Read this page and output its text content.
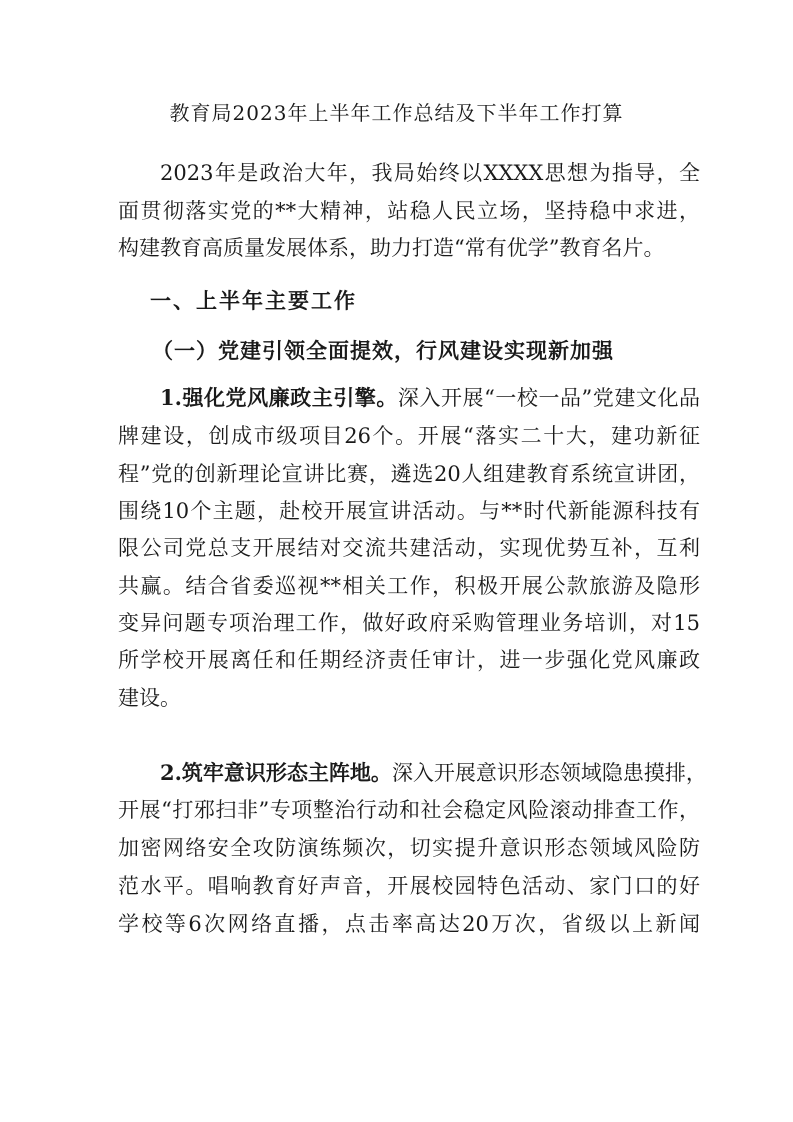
教育局2023年上半年工作总结及下半年工作打算
2023年是政治大年，我局始终以XXXX思想为指导，全
面贯彻落实党的**大精神，站稳人民立场，坚持稳中求进，
构建教育高质量发展体系，助力打造“常有优学”教育名片。
一、上半年主要工作
（一）党建引领全面提效，行风建设实现新加强
1.强化党风廉政主引擎。深入开展“一校一品”党建文化品
牌建设，创成市级项目26个。开展“落实二十大，建功新征
程”党的创新理论宣讲比赛，遴选20人组建教育系统宣讲团，
围绕10个主题，赴校开展宣讲活动。与**时代新能源科技有
限公司党总支开展结对交流共建活动，实现优势互补，互利
共赢。结合省委巡视**相关工作，积极开展公款旅游及隐形
变异问题专项治理工作，做好政府采购管理业务培训，对15
所学校开展离任和任期经济责任审计，进一步强化党风廉政
建设。
2.筑牢意识形态主阵地。深入开展意识形态领域隐患摸排，
开展“打邪扫非”专项整治行动和社会稳定风险滚动排查工作，
加密网络安全攻防演练频次，切实提升意识形态领域风险防
范水平。唱响教育好声音，开展校园特色活动、家门口的好
学校等6次网络直播，点击率高达20万次，省级以上新闻
